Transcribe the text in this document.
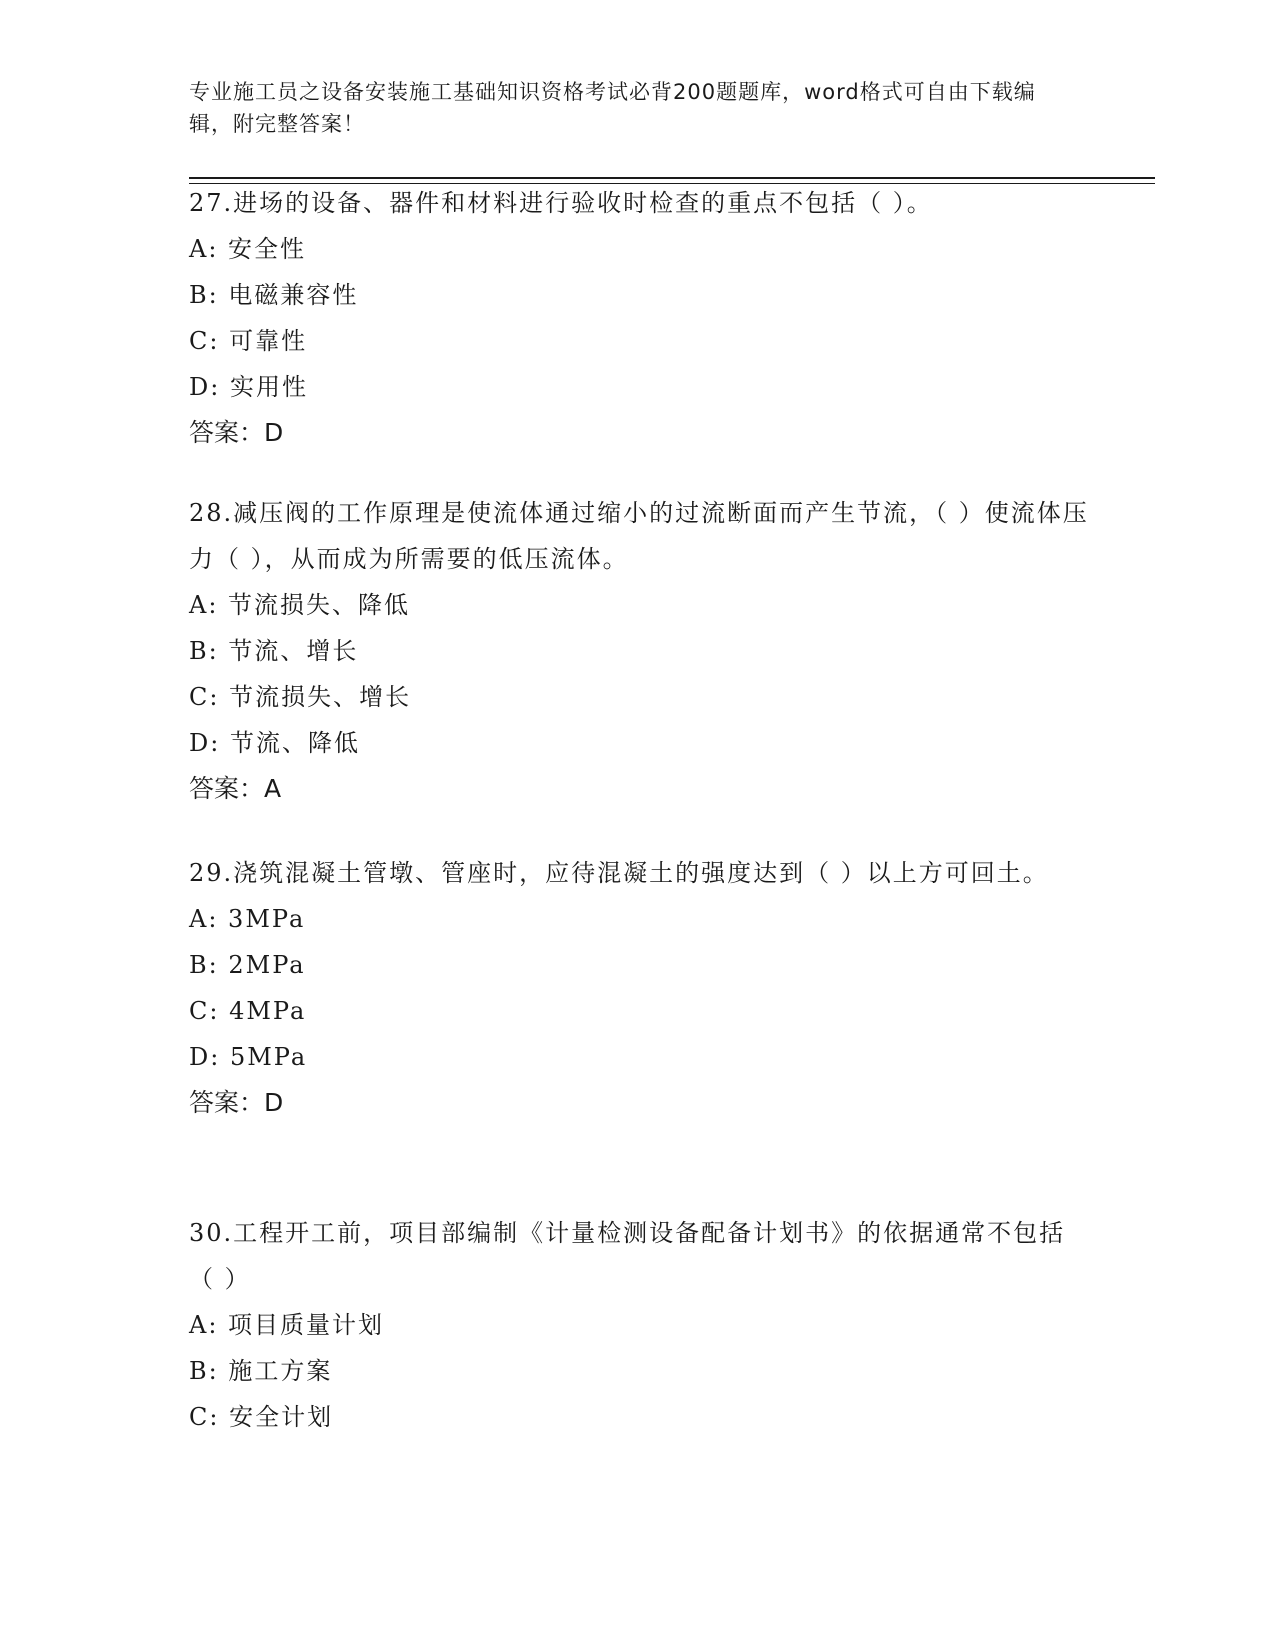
专业施工员之设备安装施工基础知识资格考试必背200题题库，word格式可自由下载编辑，附完整答案！

27.进场的设备、器件和材料进行验收时检查的重点不包括（ ）。

A: 安全性

B: 电磁兼容性

C: 可靠性

D: 实用性

答案：D

28.减压阀的工作原理是使流体通过缩小的过流断面而产生节流，（ ）使流体压力（ ），从而成为所需要的低压流体。

A: 节流损失、降低

B: 节流、增长

C: 节流损失、增长

D: 节流、降低

答案：A

29.浇筑混凝土管墩、管座时，应待混凝土的强度达到（ ）以上方可回土。

A: 3MPa

B: 2MPa

C: 4MPa

D: 5MPa

答案：D

30.工程开工前，项目部编制《计量检测设备配备计划书》的依据通常不包括（ ）

A: 项目质量计划

B: 施工方案

C: 安全计划
